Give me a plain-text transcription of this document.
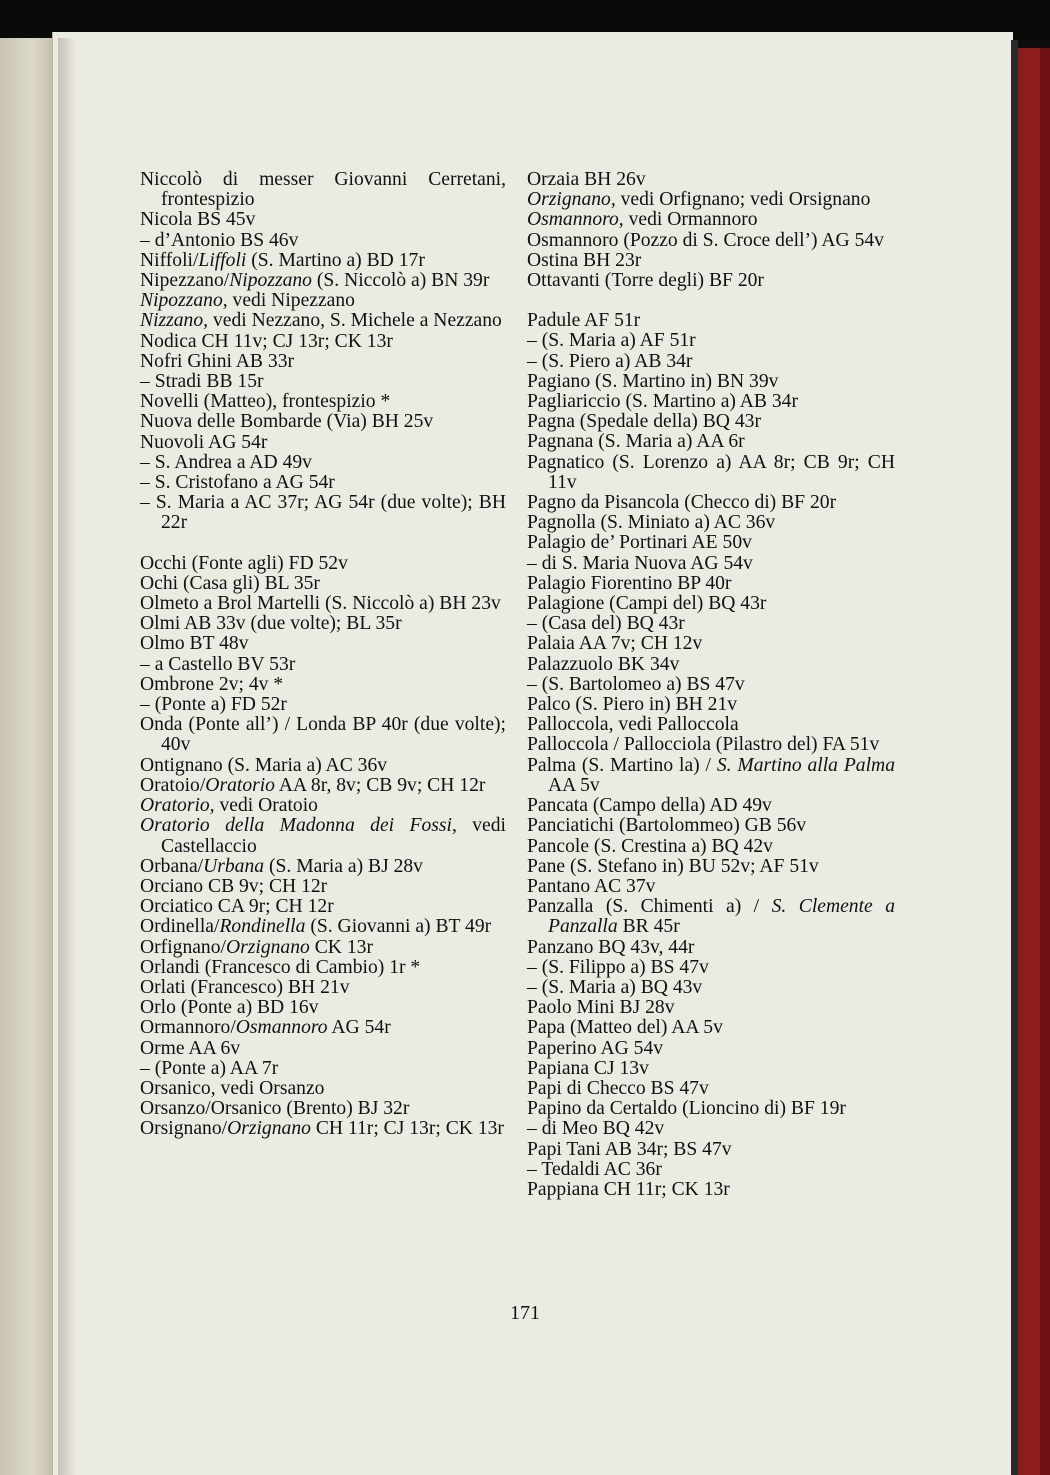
Niccolò di messer Giovanni Cerretani, frontespizio
Nicola BS 45v
– d’Antonio BS 46v
Niffoli/Liffoli (S. Martino a) BD 17r
Nipezzano/Nipozzano (S. Niccolò a) BN 39r
Nipozzano, vedi Nipezzano
Nizzano, vedi Nezzano, S. Michele a Nezzano
Nodica CH 11v; CJ 13r; CK 13r
Nofri Ghini AB 33r
– Stradi BB 15r
Novelli (Matteo), frontespizio *
Nuova delle Bombarde (Via) BH 25v
Nuovoli AG 54r
– S. Andrea a AD 49v
– S. Cristofano a AG 54r
– S. Maria a AC 37r; AG 54r (due volte); BH 22r
Occhi (Fonte agli) FD 52v
Ochi (Casa gli) BL 35r
Olmeto a Brol Martelli (S. Niccolò a) BH 23v
Olmi AB 33v (due volte); BL 35r
Olmo BT 48v
– a Castello BV 53r
Ombrone 2v; 4v *
– (Ponte a) FD 52r
Onda (Ponte all’) / Londa BP 40r (due volte); 40v
Ontignano (S. Maria a) AC 36v
Oratoio/Oratorio AA 8r, 8v; CB 9v; CH 12r
Oratorio, vedi Oratoio
Oratorio della Madonna dei Fossi, vedi Castellaccio
Orbana/Urbana (S. Maria a) BJ 28v
Orciano CB 9v; CH 12r
Orciatico CA 9r; CH 12r
Ordinella/Rondinella (S. Giovanni a) BT 49r
Orfignano/Orzignano CK 13r
Orlandi (Francesco di Cambio) 1r *
Orlati (Francesco) BH 21v
Orlo (Ponte a) BD 16v
Ormannoro/Osmannoro AG 54r
Orme AA 6v
– (Ponte a) AA 7r
Orsanico, vedi Orsanzo
Orsanzo/Orsanico (Brento) BJ 32r
Orsignano/Orzignano CH 11r; CJ 13r; CK 13r
Orzaia BH 26v
Orzignano, vedi Orfignano; vedi Orsignano
Osmannoro, vedi Ormannoro
Osmannoro (Pozzo di S. Croce dell’) AG 54v
Ostina BH 23r
Ottavanti (Torre degli) BF 20r
Padule AF 51r
– (S. Maria a) AF 51r
– (S. Piero a) AB 34r
Pagiano (S. Martino in) BN 39v
Pagliariccio (S. Martino a) AB 34r
Pagna (Spedale della) BQ 43r
Pagnana (S. Maria a) AA 6r
Pagnatico (S. Lorenzo a) AA 8r; CB 9r; CH 11v
Pagno da Pisancola (Checco di) BF 20r
Pagnolla (S. Miniato a) AC 36v
Palagio de’ Portinari AE 50v
– di S. Maria Nuova AG 54v
Palagio Fiorentino BP 40r
Palagione (Campi del) BQ 43r
– (Casa del) BQ 43r
Palaia AA 7v; CH 12v
Palazzuolo BK 34v
– (S. Bartolomeo a) BS 47v
Palco (S. Piero in) BH 21v
Palloccola, vedi Palloccola
Palloccola / Pallocciola (Pilastro del) FA 51v
Palma (S. Martino la) / S. Martino alla Palma AA 5v
Pancata (Campo della) AD 49v
Panciatichi (Bartolommeo) GB 56v
Pancole (S. Crestina a) BQ 42v
Pane (S. Stefano in) BU 52v; AF 51v
Pantano AC 37v
Panzalla (S. Chimenti a) / S. Clemente a Panzalla BR 45r
Panzano BQ 43v, 44r
– (S. Filippo a) BS 47v
– (S. Maria a) BQ 43v
Paolo Mini BJ 28v
Papa (Matteo del) AA 5v
Paperino AG 54v
Papiana CJ 13v
Papi di Checco BS 47v
Papino da Certaldo (Lioncino di) BF 19r
– di Meo BQ 42v
Papi Tani AB 34r; BS 47v
– Tedaldi AC 36r
Pappiana CH 11r; CK 13r
171
